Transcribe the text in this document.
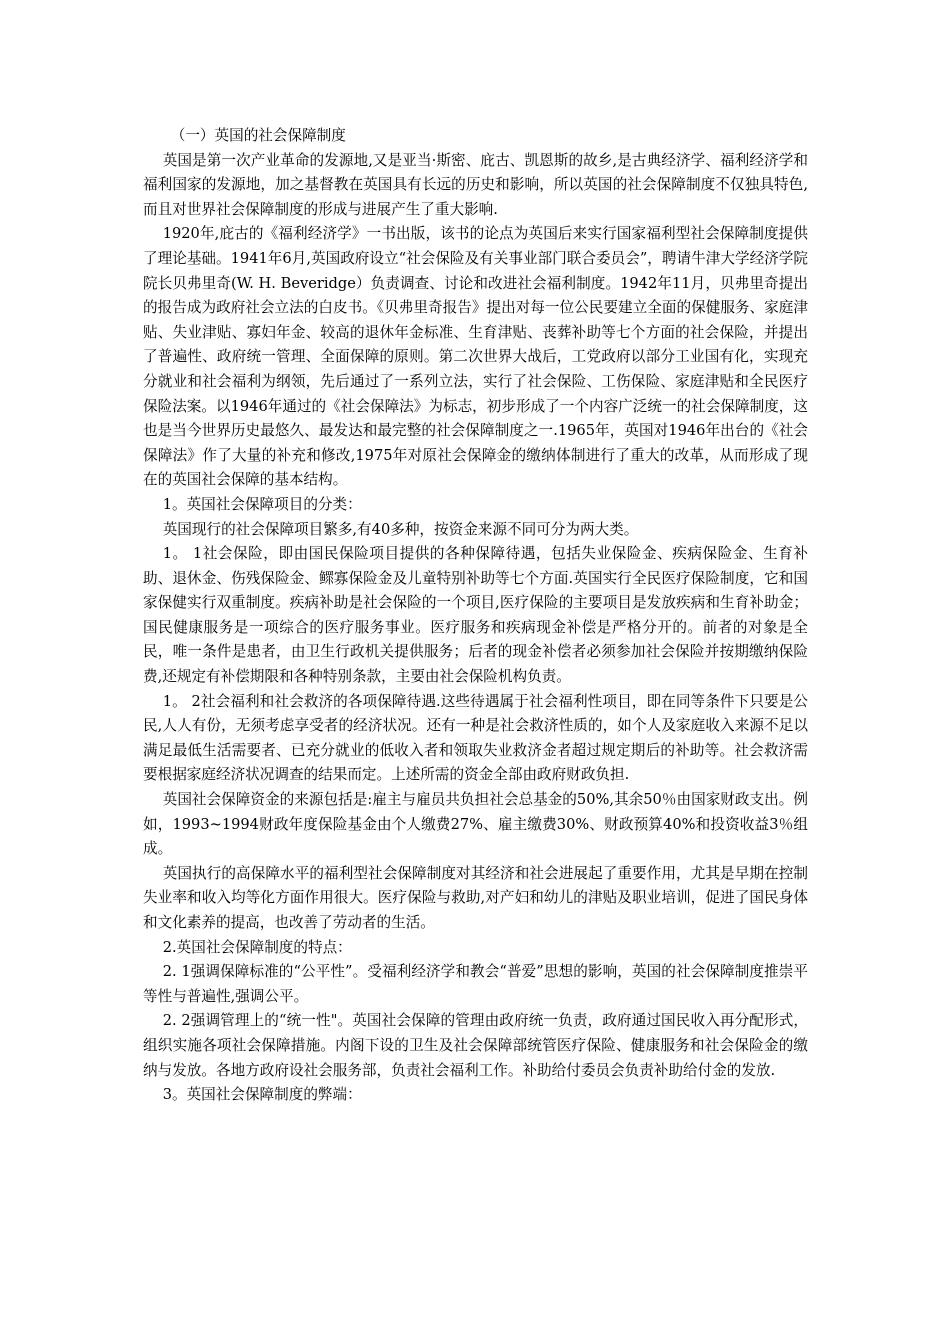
（一）英国的社会保障制度

英国是第一次产业革命的发源地,又是亚当·斯密、庇古、凯恩斯的故乡,是古典经济学、福利经济学和福利国家的发源地，加之基督教在英国具有长远的历史和影响，所以英国的社会保障制度不仅独具特色,而且对世界社会保障制度的形成与进展产生了重大影响.

1920年,庇古的《福利经济学》一书出版，该书的论点为英国后来实行国家福利型社会保障制度提供了理论基础。1941年6月,英国政府设立“社会保险及有关事业部门联合委员会”，聘请牛津大学经济学院院长贝弗里奇(W. H. Beveridge）负责调查、讨论和改进社会福利制度。1942年11月，贝弗里奇提出的报告成为政府社会立法的白皮书。《贝弗里奇报告》提出对每一位公民要建立全面的保健服务、家庭津贴、失业津贴、寡妇年金、较高的退休年金标准、生育津贴、丧葬补助等七个方面的社会保险，并提出了普遍性、政府统一管理、全面保障的原则。第二次世界大战后，工党政府以部分工业国有化，实现充分就业和社会福利为纲领，先后通过了一系列立法，实行了社会保险、工伤保险、家庭津贴和全民医疗保险法案。以1946年通过的《社会保障法》为标志，初步形成了一个内容广泛统一的社会保障制度，这也是当今世界历史最悠久、最发达和最完整的社会保障制度之一.1965年，英国对1946年出台的《社会保障法》作了大量的补充和修改,1975年对原社会保障金的缴纳体制进行了重大的改革，从而形成了现在的英国社会保障的基本结构。

1。英国社会保障项目的分类：

英国现行的社会保障项目繁多,有40多种，按资金来源不同可分为两大类。

1。 1社会保险，即由国民保险项目提供的各种保障待遇，包括失业保险金、疾病保险金、生育补助、退休金、伤残保险金、鳏寡保险金及儿童特别补助等七个方面.英国实行全民医疗保险制度，它和国家保健实行双重制度。疾病补助是社会保险的一个项目,医疗保险的主要项目是发放疾病和生育补助金；国民健康服务是一项综合的医疗服务事业。医疗服务和疾病现金补偿是严格分开的。前者的对象是全民，唯一条件是患者，由卫生行政机关提供服务；后者的现金补偿者必须参加社会保险并按期缴纳保险费,还规定有补偿期限和各种特别条款，主要由社会保险机构负责。

1。 2社会福利和社会救济的各项保障待遇.这些待遇属于社会福利性项目，即在同等条件下只要是公民,人人有份，无须考虑享受者的经济状况。还有一种是社会救济性质的，如个人及家庭收入来源不足以满足最低生活需要者、已充分就业的低收入者和领取失业救济金者超过规定期后的补助等。社会救济需要根据家庭经济状况调查的结果而定。上述所需的资金全部由政府财政负担.

英国社会保障资金的来源包括是:雇主与雇员共负担社会总基金的50%,其余50％由国家财政支出。例如，1993~1994财政年度保险基金由个人缴费27%、雇主缴费30%、财政预算40%和投资收益3％组成。

英国执行的高保障水平的福利型社会保障制度对其经济和社会进展起了重要作用，尤其是早期在控制失业率和收入均等化方面作用很大。医疗保险与救助,对产妇和幼儿的津贴及职业培训，促进了国民身体和文化素养的提高，也改善了劳动者的生活。

2.英国社会保障制度的特点：

2. 1强调保障标准的“公平性”。受福利经济学和教会“普爱”思想的影响，英国的社会保障制度推崇平等性与普遍性,强调公平。

2. 2强调管理上的“统一性"。英国社会保障的管理由政府统一负责，政府通过国民收入再分配形式，组织实施各项社会保障措施。内阁下设的卫生及社会保障部统管医疗保险、健康服务和社会保险金的缴纳与发放。各地方政府设社会服务部，负责社会福利工作。补助给付委员会负责补助给付金的发放.

3。英国社会保障制度的弊端：
